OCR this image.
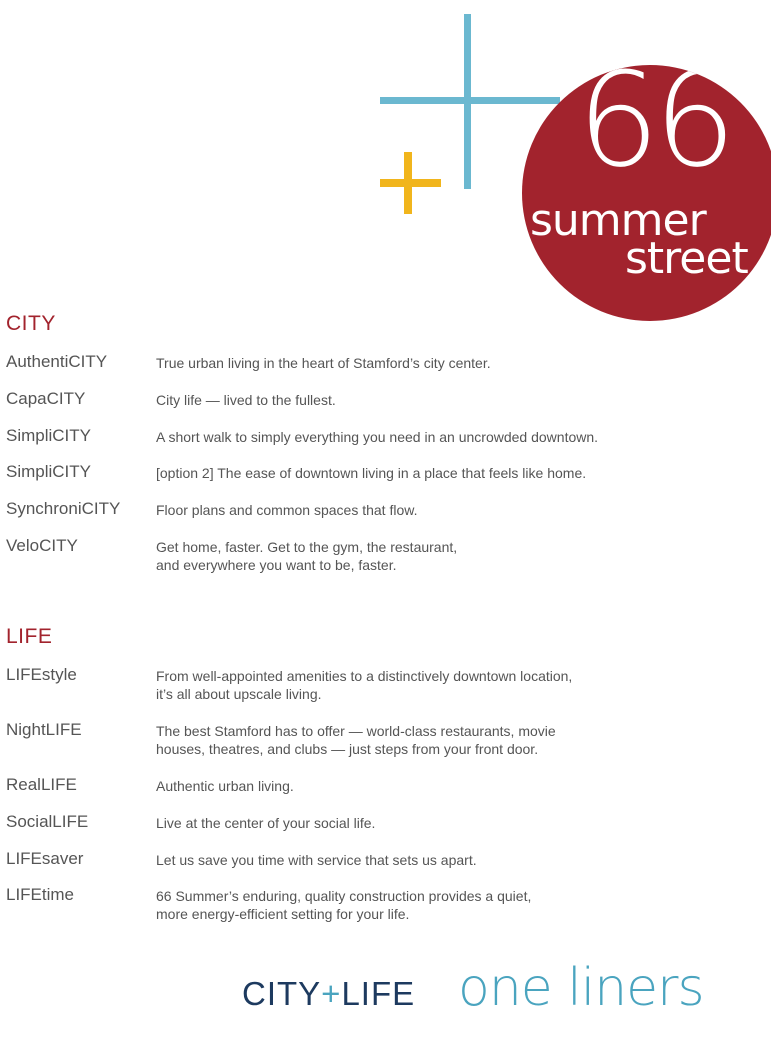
66
summer
street
CITY
AuthentiCITY	True urban living in the heart of Stamford’s city center.
CapaCITY	City life — lived to the fullest.
SimpliCITY	A short walk to simply everything you need in an uncrowded downtown.
SimpliCITY	[option 2] The ease of downtown living in a place that feels like home.
SynchroniCITY	Floor plans and common spaces that flow.
VeloCITY	Get home, faster. Get to the gym, the restaurant,
and everywhere you want to be, faster.
LIFE
LIFEstyle	From well-appointed amenities to a distinctively downtown location,
it’s all about upscale living.
NightLIFE	The best Stamford has to offer — world-class restaurants, movie
houses, theatres, and clubs — just steps from your front door.
RealLIFE	Authentic urban living.
SocialLIFE	Live at the center of your social life.
LIFEsaver	Let us save you time with service that sets us apart.
LIFEtime	66 Summer’s enduring, quality construction provides a quiet,
more energy-efficient setting for your life.
CITY+LIFE one liners
